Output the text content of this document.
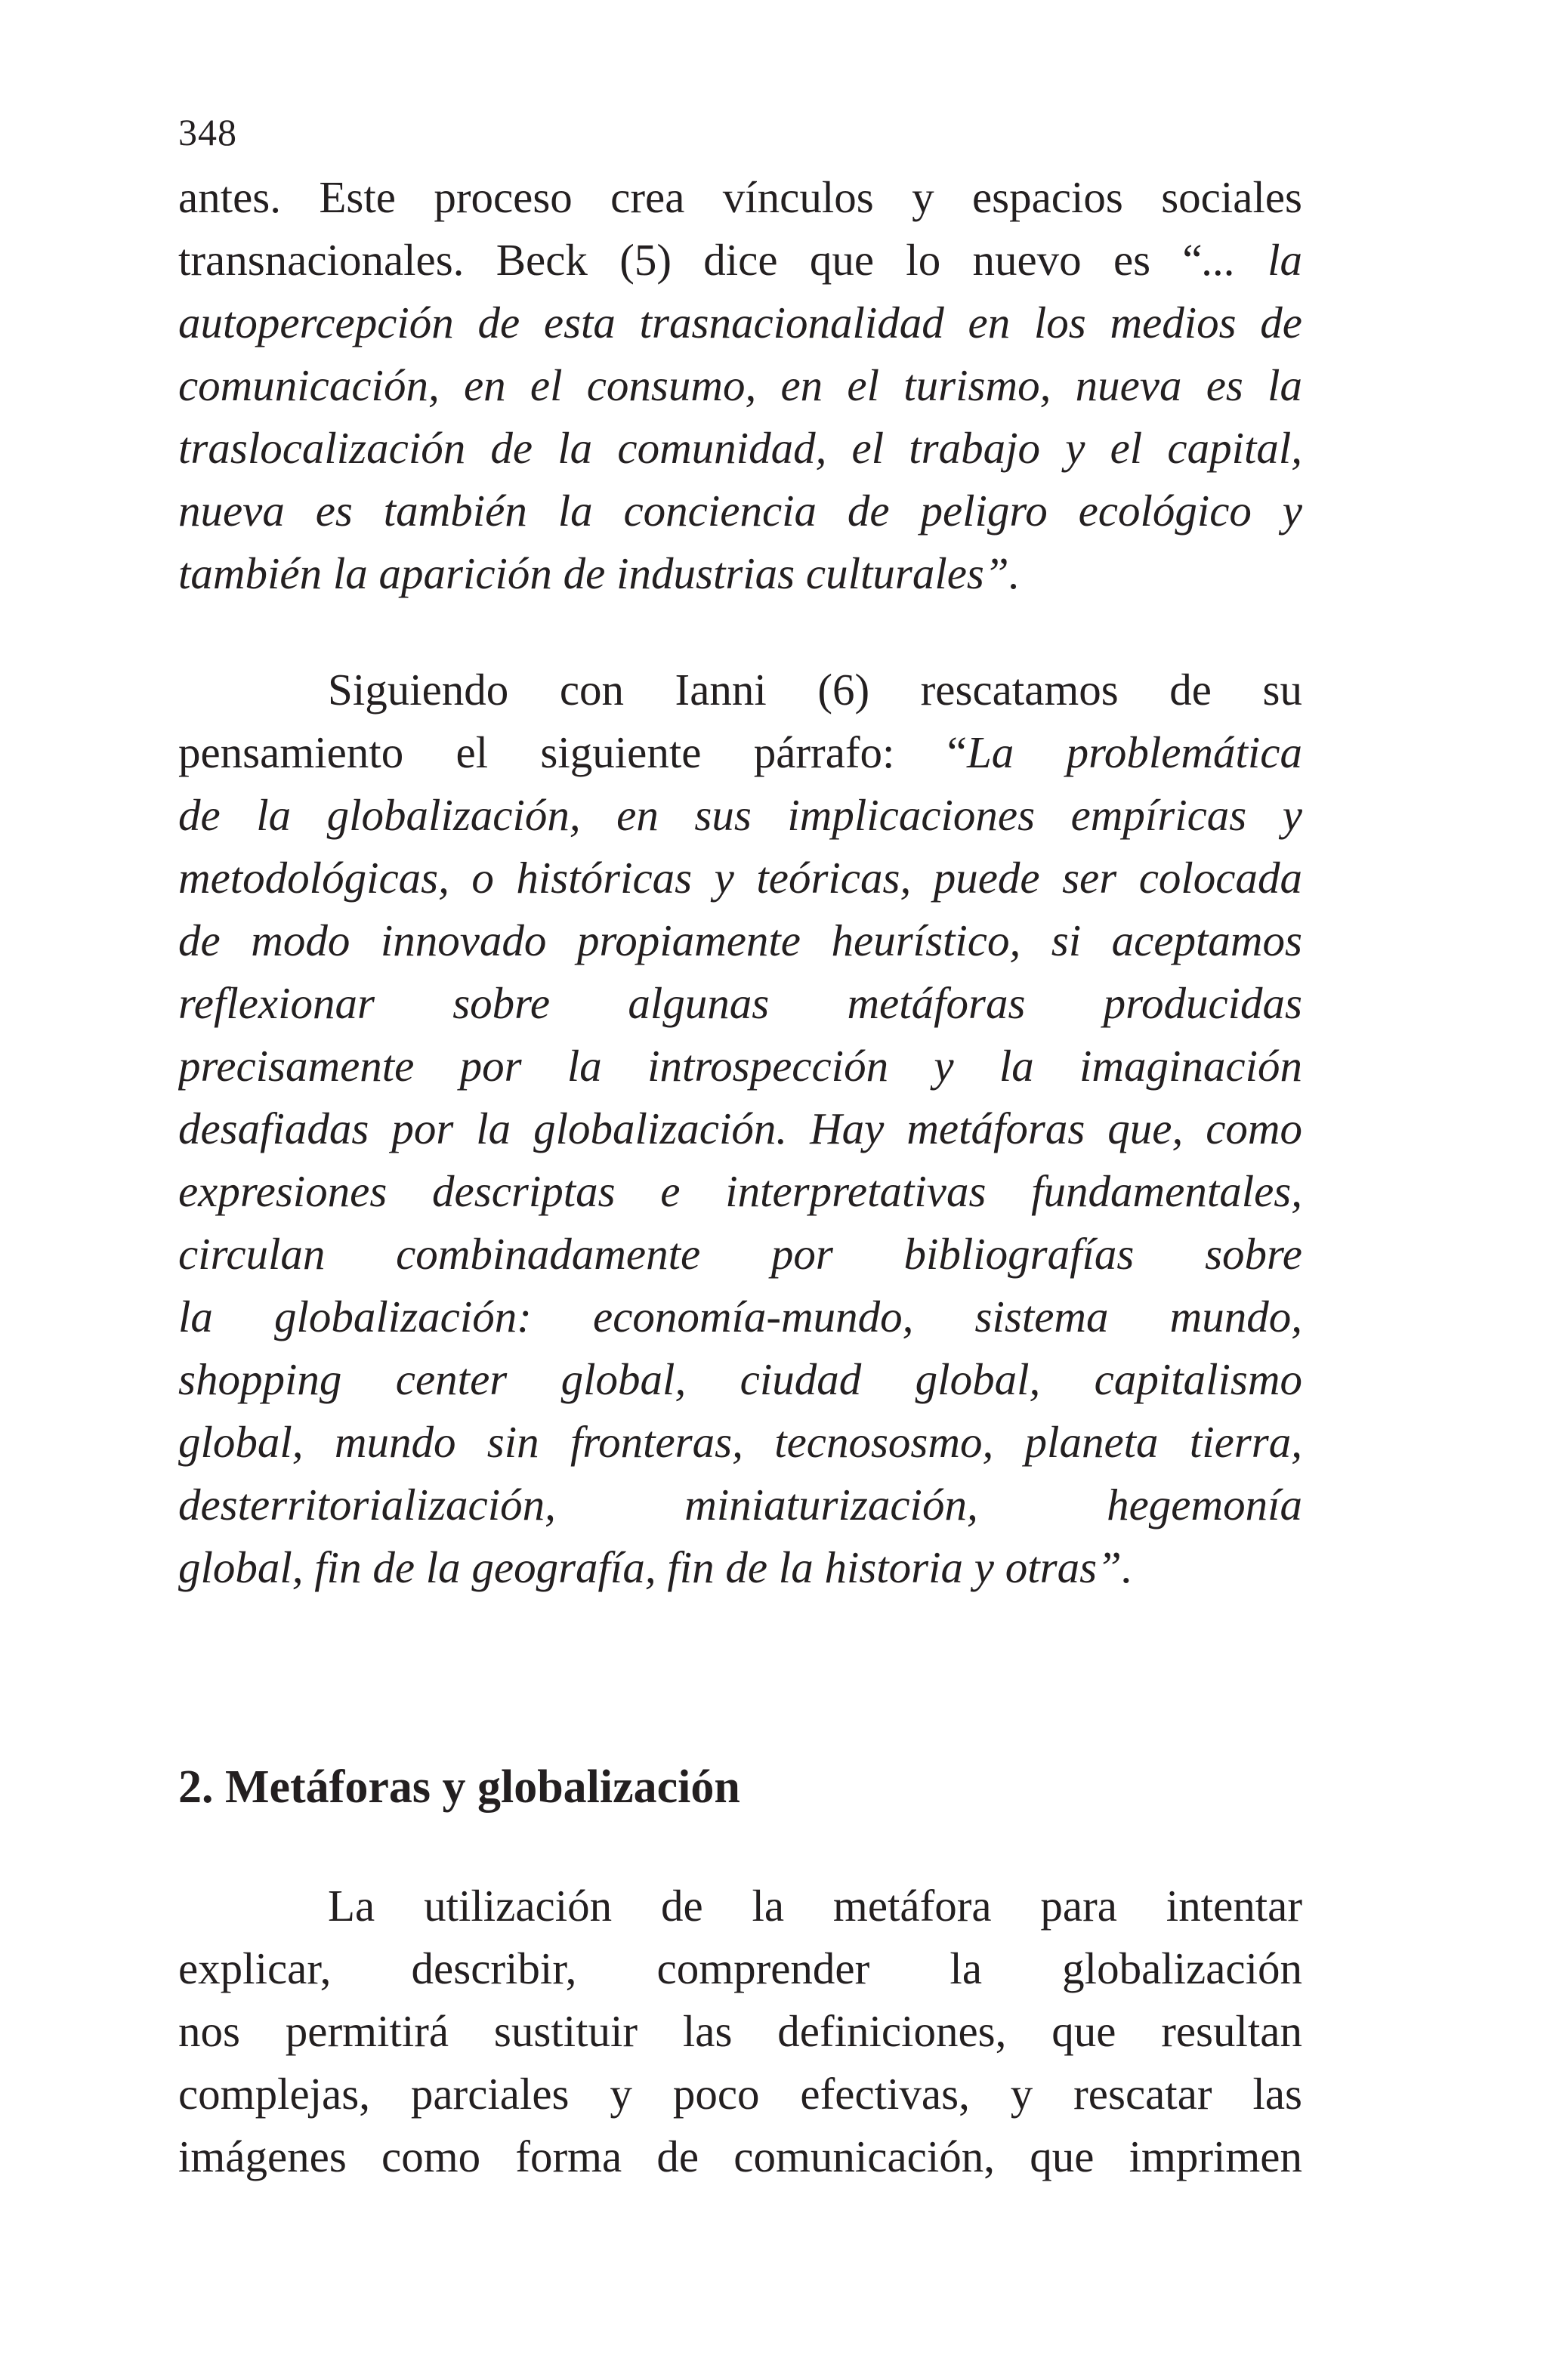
348
antes. Este proceso crea vínculos y espacios sociales
transnacionales. Beck (5) dice que lo nuevo es “... la
autopercepción de esta trasnacionalidad en los medios de
comunicación, en el consumo, en el turismo, nueva es la
traslocalización de la comunidad, el trabajo y el capital,
nueva es también la conciencia de peligro ecológico y
también la aparición de industrias culturales”.
Siguiendo con Ianni (6) rescatamos de su
pensamiento el siguiente párrafo: “La problemática
de la globalización, en sus implicaciones empíricas y
metodológicas, o históricas y teóricas, puede ser colocada
de modo innovado propiamente heurístico, si aceptamos
reflexionar sobre algunas metáforas producidas
precisamente por la introspección y la imaginación
desafiadas por la globalización. Hay metáforas que, como
expresiones descriptas e interpretativas fundamentales,
circulan combinadamente por bibliografías sobre
la globalización: economía-mundo, sistema mundo,
shopping center global, ciudad global, capitalismo
global, mundo sin fronteras, tecnososmo, planeta tierra,
desterritorialización, miniaturización, hegemonía
global, fin de la geografía, fin de la historia y otras”.
2. Metáforas y globalización
La utilización de la metáfora para intentar
explicar, describir, comprender la globalización
nos permitirá sustituir las definiciones, que resultan
complejas, parciales y poco efectivas, y rescatar las
imágenes como forma de comunicación, que imprimen
